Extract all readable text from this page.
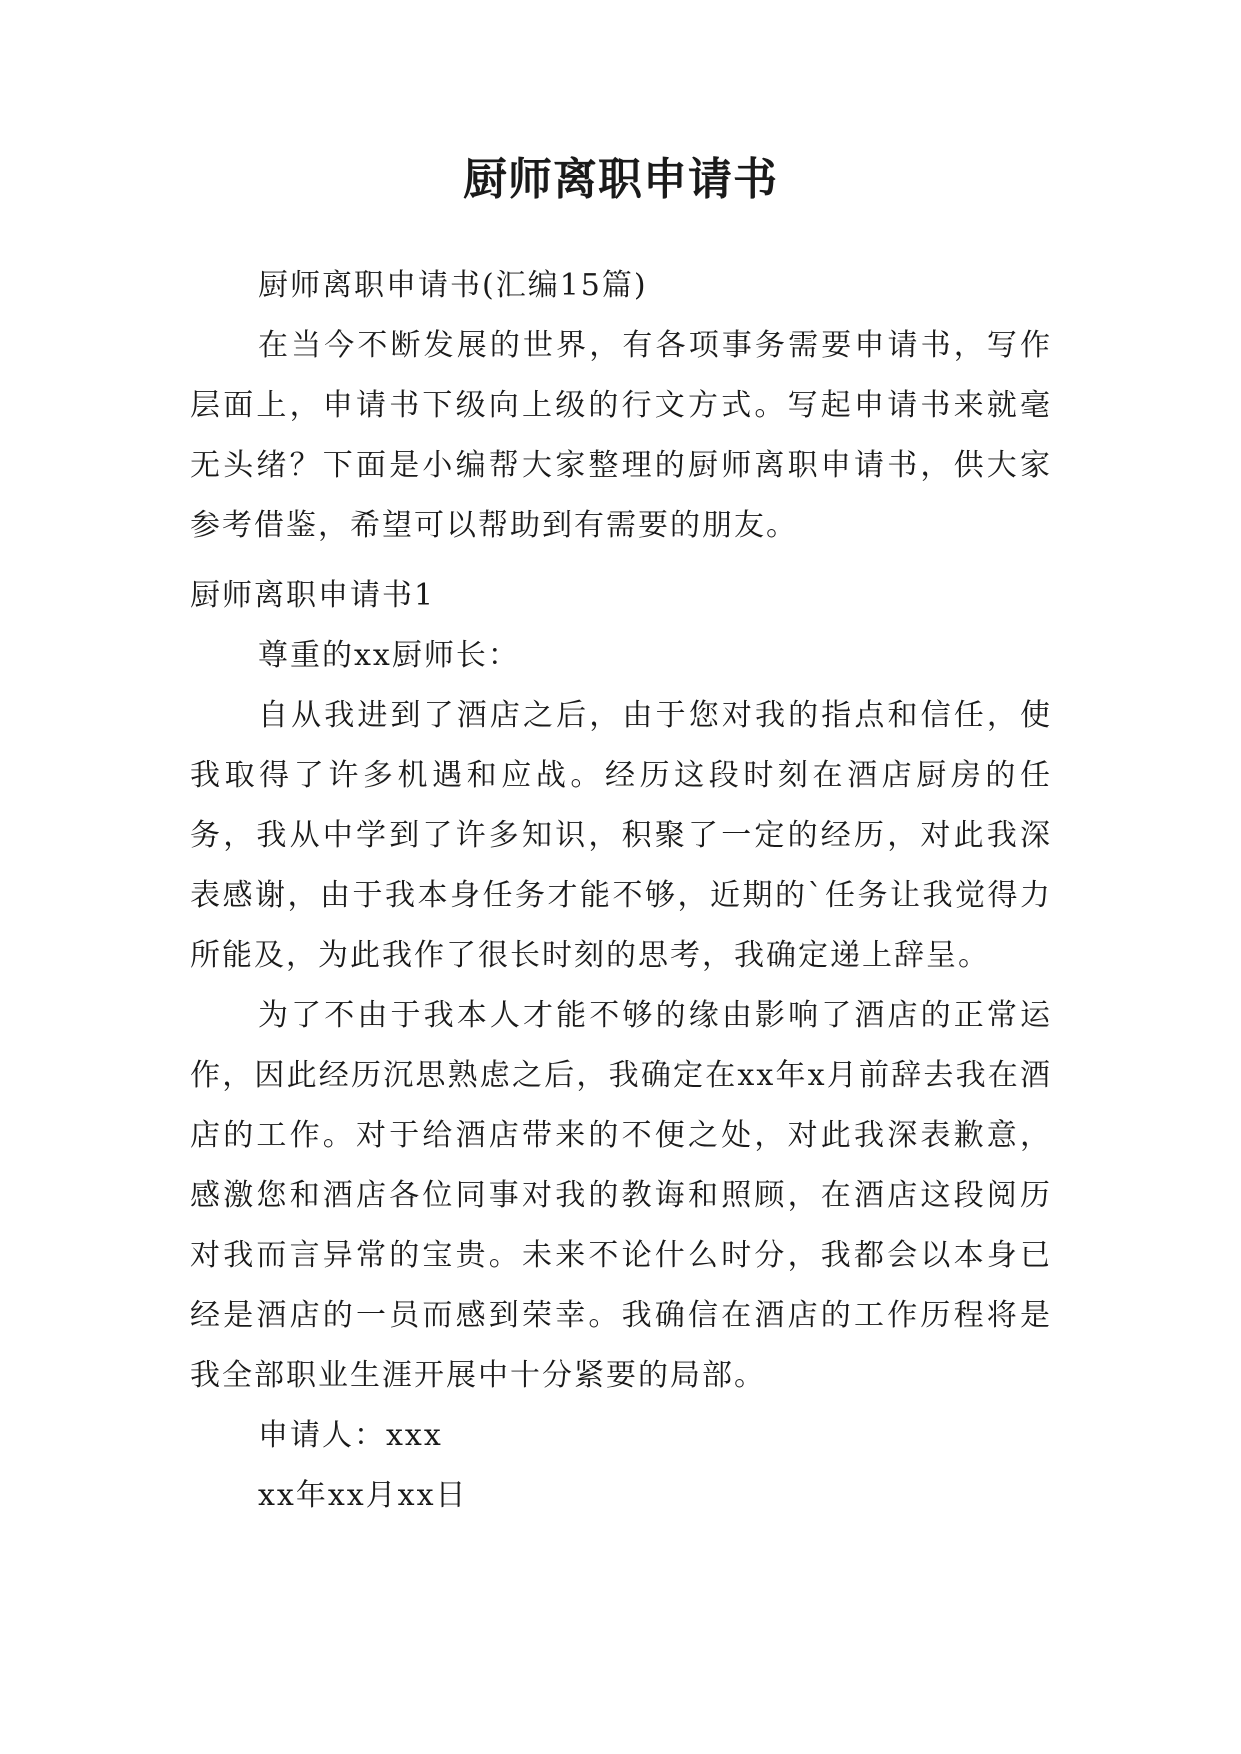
厨师离职申请书

厨师离职申请书(汇编15篇)

在当今不断发展的世界，有各项事务需要申请书，写作层面上，申请书下级向上级的行文方式。写起申请书来就毫无头绪？下面是小编帮大家整理的厨师离职申请书，供大家参考借鉴，希望可以帮助到有需要的朋友。

厨师离职申请书1

尊重的xx厨师长：

自从我进到了酒店之后，由于您对我的指点和信任，使我取得了许多机遇和应战。经历这段时刻在酒店厨房的任务，我从中学到了许多知识，积聚了一定的经历，对此我深表感谢，由于我本身任务才能不够，近期的`任务让我觉得力所能及，为此我作了很长时刻的思考，我确定递上辞呈。

为了不由于我本人才能不够的缘由影响了酒店的正常运作，因此经历沉思熟虑之后，我确定在xx年x月前辞去我在酒店的工作。对于给酒店带来的不便之处，对此我深表歉意，感激您和酒店各位同事对我的教诲和照顾，在酒店这段阅历对我而言异常的宝贵。未来不论什么时分，我都会以本身已经是酒店的一员而感到荣幸。我确信在酒店的工作历程将是我全部职业生涯开展中十分紧要的局部。

申请人：xxx

xx年xx月xx日
